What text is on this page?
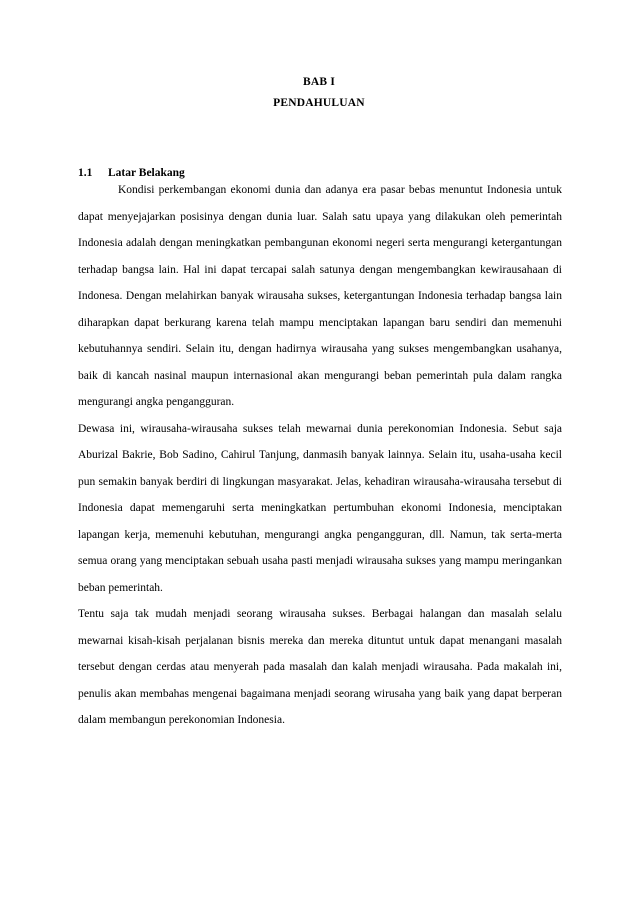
BAB I
PENDAHULUAN
1.1 Latar Belakang

Kondisi perkembangan ekonomi dunia dan adanya era pasar bebas menuntut Indonesia untuk dapat menyejajarkan posisinya dengan dunia luar. Salah satu upaya yang dilakukan oleh pemerintah Indonesia adalah dengan meningkatkan pembangunan ekonomi negeri serta mengurangi ketergantungan terhadap bangsa lain. Hal ini dapat tercapai salah satunya dengan mengembangkan kewirausahaan di Indonesa. Dengan melahirkan banyak wirausaha sukses, ketergantungan Indonesia terhadap bangsa lain diharapkan dapat berkurang karena telah mampu menciptakan lapangan baru sendiri dan memenuhi kebutuhannya sendiri. Selain itu, dengan hadirnya wirausaha yang sukses mengembangkan usahanya, baik di kancah nasinal maupun internasional akan mengurangi beban pemerintah pula dalam rangka mengurangi angka pengangguran.

Dewasa ini, wirausaha-wirausaha sukses telah mewarnai dunia perekonomian Indonesia. Sebut saja Aburizal Bakrie, Bob Sadino, Cahirul Tanjung, danmasih banyak lainnya. Selain itu, usaha-usaha kecil pun semakin banyak berdiri di lingkungan masyarakat. Jelas, kehadiran wirausaha-wirausaha tersebut di Indonesia dapat memengaruhi serta meningkatkan pertumbuhan ekonomi Indonesia, menciptakan lapangan kerja, memenuhi kebutuhan, mengurangi angka pengangguran, dll. Namun, tak serta-merta semua orang yang menciptakan sebuah usaha pasti menjadi wirausaha sukses yang mampu meringankan beban pemerintah.

Tentu saja tak mudah menjadi seorang wirausaha sukses. Berbagai halangan dan masalah selalu mewarnai kisah-kisah perjalanan bisnis mereka dan mereka dituntut untuk dapat menangani masalah tersebut dengan cerdas atau menyerah pada masalah dan kalah menjadi wirausaha. Pada makalah ini, penulis akan membahas mengenai bagaimana menjadi seorang wirusaha yang baik yang dapat berperan dalam membangun perekonomian Indonesia.
